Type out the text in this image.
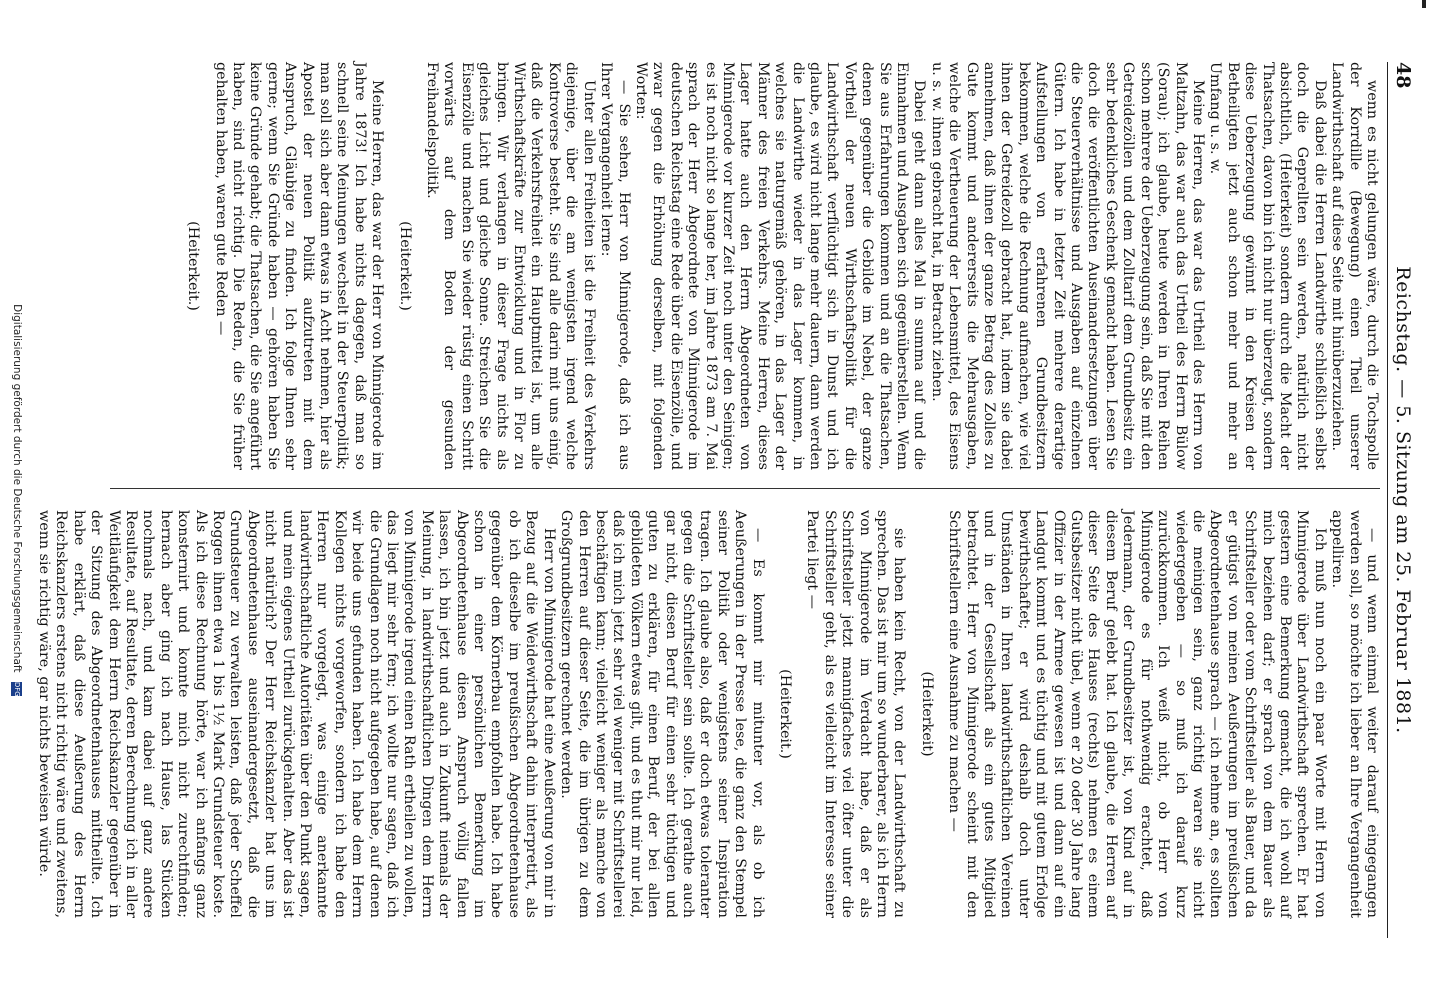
48
Reichstag. — 5. Sitzung am 25. Februar 1881.

wenn es nicht gelungen wäre, durch die Tochspolle der Korrdille (Bewegung) einen Theil unserer Landwirthschaft auf diese Seite mit hinüberzuziehen.

Daß dabei die Herren Landwirthe schließlich selbst doch die Geprellten sein werden, natürlich nicht absichtlich, (Heiterkeit) sondern durch die Macht der Thatsachen, davon bin ich nicht nur überzeugt, sondern diese Ueberzeugung gewinnt in den Kreisen der Betheiligten jetzt auch schon mehr und mehr an Umfang u. s. w.

Meine Herren, das war das Urtheil des Herrn von Maltzahn, das war auch das Urtheil des Herrn Bülow (Sorau); ich glaube, heute werden in Ihren Reihen schon mehrere der Ueberzeugung sein, daß Sie mit den Getreidezöllen und dem Zolltarif dem Grundbesitz ein sehr bedenkliches Geschenk gemacht haben. Lesen Sie doch die veröffentlichten Auseinandersetzungen über die Steuerverhältnisse und Ausgaben auf einzelnen Gütern. Ich habe in letzter Zeit mehrere derartige Aufstellungen von erfahrenen Grundbesitzern bekommen, welche die Rechnung aufmachen, wie viel ihnen der Getreidezoll gebracht hat, indem sie dabei annehmen, daß ihnen der ganze Betrag des Zolles zu Gute kommt und andererseits die Mehrausgaben, welche die Vertheuerung der Lebensmittel, des Eisens u. s. w. ihnen gebracht hat, in Betracht ziehen.

Dabei geht dann alles Mal in summa auf und die Einnahmen und Ausgaben sich gegenüberstellen. Wenn Sie aus Erfahrungen kommen und an die Thatsachen, denen gegenüber die Gebilde im Nebel, der ganze Vortheil der neuen Wirthschaftspolitik für die Landwirthschaft verflüchtigt sich in Dunst und ich glaube, es wird nicht lange mehr dauern, dann werden die Landwirthe wieder in das Lager kommen, in welches sie naturgemäß gehören, in das Lager der Männer des freien Verkehrs. Meine Herren, dieses Lager hatte auch den Herrn Abgeordneten von Minnigerode vor kurzer Zeit noch unter den Seinigen; es ist noch nicht so lange her, im Jahre 1873 am 7. Mai sprach der Herr Abgeordnete von Minnigerode im deutschen Reichstag eine Rede über die Eisenzölle, und zwar gegen die Erhöhung derselben, mit folgenden Worten:

— Sie sehen, Herr von Minnigerode, daß ich aus Ihrer Vergangenheit lerne:

Unter allen Freiheiten ist die Freiheit des Verkehrs diejenige, über die am wenigsten irgend welche Kontroverse besteht. Sie sind alle darin mit uns einig, daß die Verkehrsfreiheit ein Hauptmittel ist, um alle Wirthschaftskräfte zur Entwicklung und in Flor zu bringen. Wir verlangen in dieser Frage nichts als gleiches Licht und gleiche Sonne. Streichen Sie die Eisenzölle und machen Sie wieder rüstig einen Schritt vorwärts auf dem Boden der gesunden Freihandelspolitik.

(Heiterkeit.)

Meine Herren, das war der Herr von Minnigerode im Jahre 1873! Ich habe nichts dagegen, daß man so schnell seine Meinungen wechselt in der Steuerpolitik; man soll sich aber dann etwas in Acht nehmen, hier als Apostel der neuen Politik aufzutreten mit dem Anspruch, Gläubige zu finden. Ich folge Ihnen sehr gerne; wenn Sie Gründe haben — gehören haben Sie keine Gründe gehabt; die Thatsachen, die Sie angeführt haben, sind nicht richtig. Die Reden, die Sie früher gehalten haben, waren gute Reden —

(Heiterkeit.)

— und wenn einmal weiter darauf eingegangen werden soll, so möchte ich lieber an Ihre Vergangenheit appelliren.

Ich muß nun noch ein paar Worte mit Herrn von Minnigerode über Landwirthschaft sprechen. Er hat gestern eine Bemerkung gemacht, die ich wohl auf mich beziehen darf; er sprach von dem Bauer als Schriftsteller oder vom Schriftsteller als Bauer, und da er gütigst von meinen Aeußerungen im preußischen Abgeordnetenhause sprach — ich nehme an, es sollten die meinigen sein, ganz richtig waren sie nicht wiedergegeben — so muß ich darauf kurz zurückkommen. Ich weiß nicht, ob Herr von Minnigerode es für nothwendig erachtet, daß Jedermann, der Grundbesitzer ist, von Kind auf in diesem Beruf gelebt hat. Ich glaube, die Herren auf dieser Seite des Hauses (rechts) nehmen es einem Gutsbesitzer nicht übel, wenn er 20 oder 30 Jahre lang Offizier in der Armee gewesen ist und dann auf ein Landgut kommt und es tüchtig und mit gutem Erfolge bewirthschaftet; er wird deshalb doch unter Umständen in Ihren landwirthschaftlichen Vereinen und in der Gesellschaft als ein gutes Mitglied betrachtet. Herr von Minnigerode scheint mit den Schriftstellern eine Ausnahme zu machen —

(Heiterkeit)

sie haben kein Recht, von der Landwirthschaft zu sprechen. Das ist mir um so wunderbarer, als ich Herrn von Minnigerode im Verdacht habe, daß er als Schriftsteller jetzt mannigfaches viel öfter unter die Schriftsteller geht, als es vielleicht im Interesse seiner Partei liegt —

(Heiterkeit.)

— Es kommt mir mitunter vor, als ob ich Aeußerungen in der Presse lese, die ganz den Stempel seiner Politik oder wenigstens seiner Inspiration tragen. Ich glaube also, daß er doch etwas toleranter gegen die Schriftsteller sein sollte. Ich gerathe auch gar nicht, diesen Beruf für einen sehr tüchtigen und guten zu erklären, für einen Beruf, der bei allen gebildeten Völkern etwas gilt, und es thut mir nur leid, daß ich mich jetzt sehr viel weniger mit Schriftstellerei beschäftigen kann; vielleicht weniger als manche von den Herren auf dieser Seite, die im übrigen zu dem Großgrundbesitzern gerechnet werden.

Herr von Minnigerode hat eine Aeußerung von mir in Bezug auf die Weidewirthschaft dahin interpretirt, als ob ich dieselbe im preußischen Abgeordnetenhause gegenüber dem Körnerbau empfohlen habe. Ich habe schon in einer persönlichen Bemerkung im Abgeordnetenhause diesen Anspruch völlig fallen lassen, ich bin jetzt und auch in Zukunft niemals der Meinung, in landwirthschaftlichen Dingen dem Herrn von Minnigerode irgend einen Rath ertheilen zu wollen, das liegt mir sehr fern; ich wollte nur sagen, daß ich die Grundlagen noch nicht aufgegeben habe, auf denen wir beide uns gefunden haben. Ich habe dem Herrn Kollegen nichts vorgeworfen, sondern ich habe den Herren nur vorgelegt, was einige anerkannte landwirthschaftliche Autoritäten über den Punkt sagen, und mein eigenes Urtheil zurückgehalten. Aber das ist nicht natürlich? Der Herr Reichskanzler hat uns im Abgeordnetenhause auseinandergesetzt, daß die Grundsteuer zu verwalten leisten, daß jeder Scheffel Roggen ihnen etwa 1 bis 1½ Mark Grundsteuer koste. Als ich diese Rechnung hörte, war ich anfangs ganz konsternirt und konnte mich nicht zurechtfinden; hernach aber ging ich nach Hause, las Stücken nochmals nach, und kam dabei auf ganz andere Resultate, auf Resultate, deren Berechnung ich in aller Weitläufigkeit dem Herrn Reichskanzler gegenüber in der Sitzung des Abgeordnetenhauses mittheilte. Ich habe erklärt, daß diese Aeußerung des Herrn Reichskanzlers erstens nicht richtig wäre und zweitens, wenn sie richtig wäre, gar nichts beweisen würde.

Digitalisierung gefördert durch die Deutsche Forschungsgemeinschaft DFG
